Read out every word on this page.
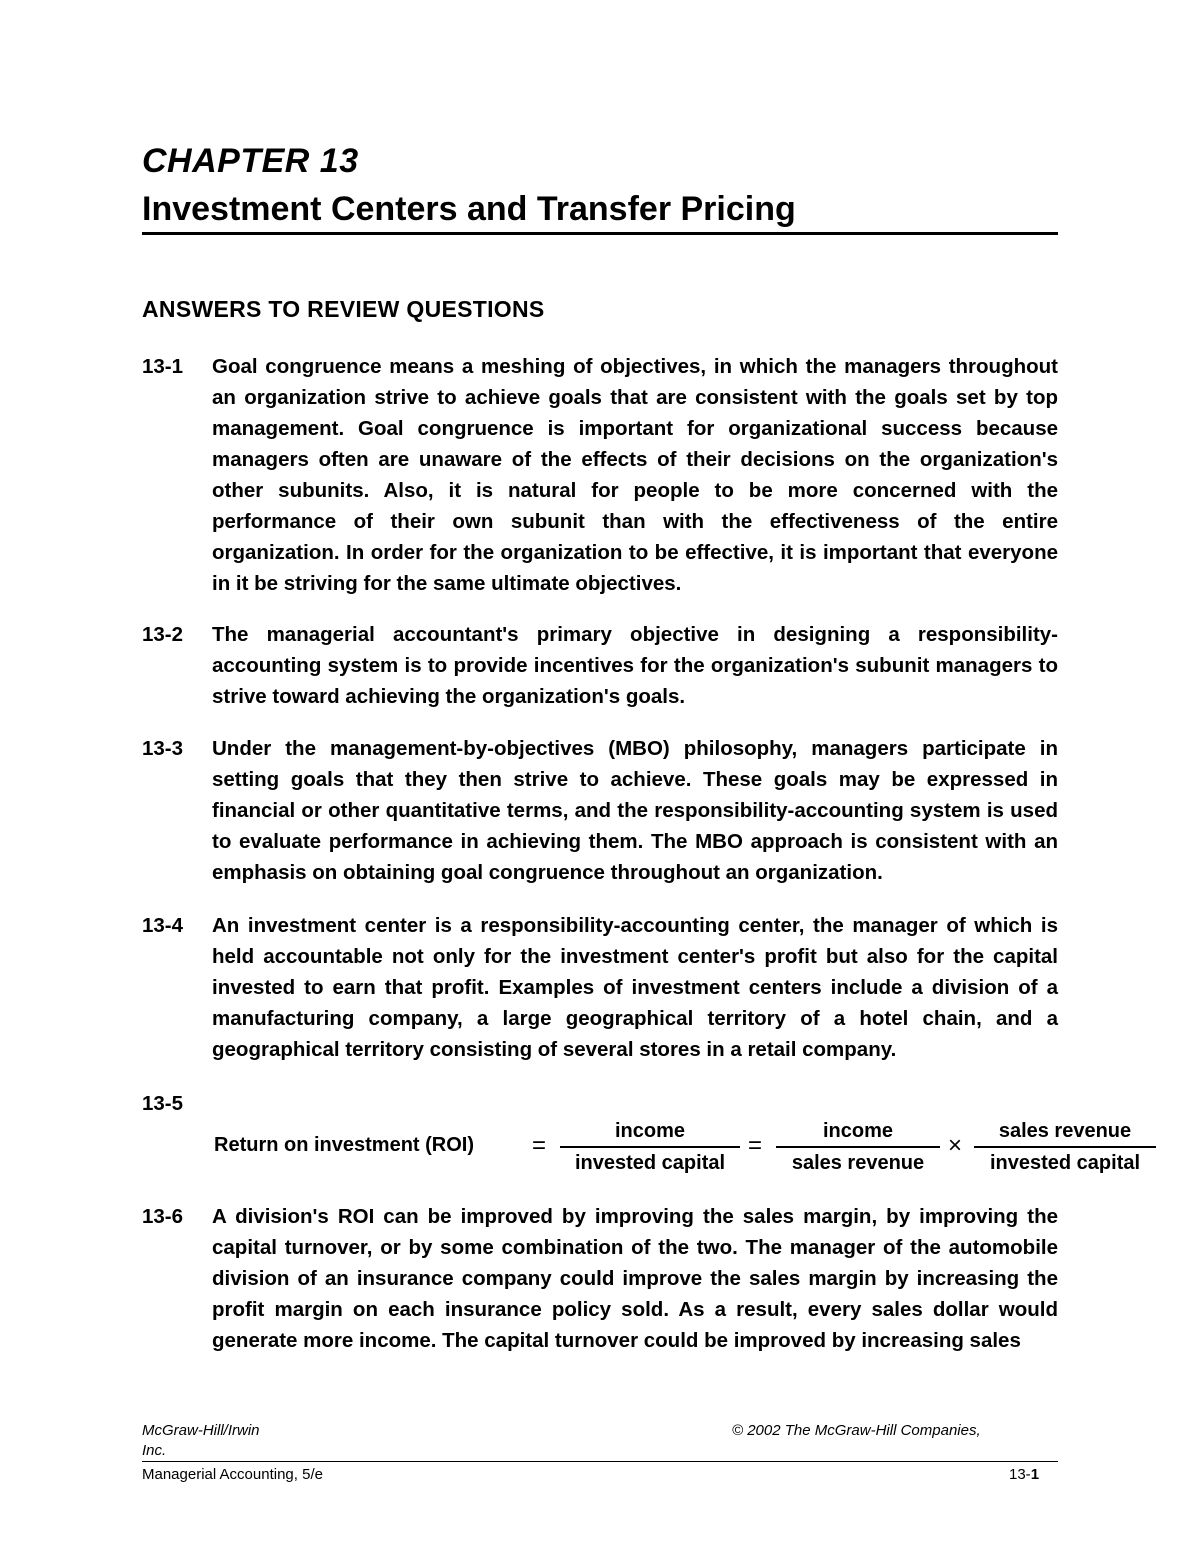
CHAPTER 13
Investment Centers and Transfer Pricing
ANSWERS TO REVIEW QUESTIONS
13-1 Goal congruence means a meshing of objectives, in which the managers throughout an organization strive to achieve goals that are consistent with the goals set by top management. Goal congruence is important for organizational success because managers often are unaware of the effects of their decisions on the organization's other subunits. Also, it is natural for people to be more concerned with the performance of their own subunit than with the effectiveness of the entire organization. In order for the organization to be effective, it is important that everyone in it be striving for the same ultimate objectives.
13-2 The managerial accountant's primary objective in designing a responsibility-accounting system is to provide incentives for the organization's subunit managers to strive toward achieving the organization's goals.
13-3 Under the management-by-objectives (MBO) philosophy, managers participate in setting goals that they then strive to achieve. These goals may be expressed in financial or other quantitative terms, and the responsibility-accounting system is used to evaluate performance in achieving them. The MBO approach is consistent with an emphasis on obtaining goal congruence throughout an organization.
13-4 An investment center is a responsibility-accounting center, the manager of which is held accountable not only for the investment center's profit but also for the capital invested to earn that profit. Examples of investment centers include a division of a manufacturing company, a large geographical territory of a hotel chain, and a geographical territory consisting of several stores in a retail company.
13-5
Return on investment (ROI) =
income
invested capital
=
income
sales revenue
×
sales revenue
invested capital
13-6 A division's ROI can be improved by improving the sales margin, by improving the capital turnover, or by some combination of the two. The manager of the automobile division of an insurance company could improve the sales margin by increasing the profit margin on each insurance policy sold. As a result, every sales dollar would generate more income. The capital turnover could be improved by increasing sales
McGraw-Hill/Irwin	© 2002 The McGraw-Hill Companies,
Inc.
Managerial Accounting, 5/e	13-1
